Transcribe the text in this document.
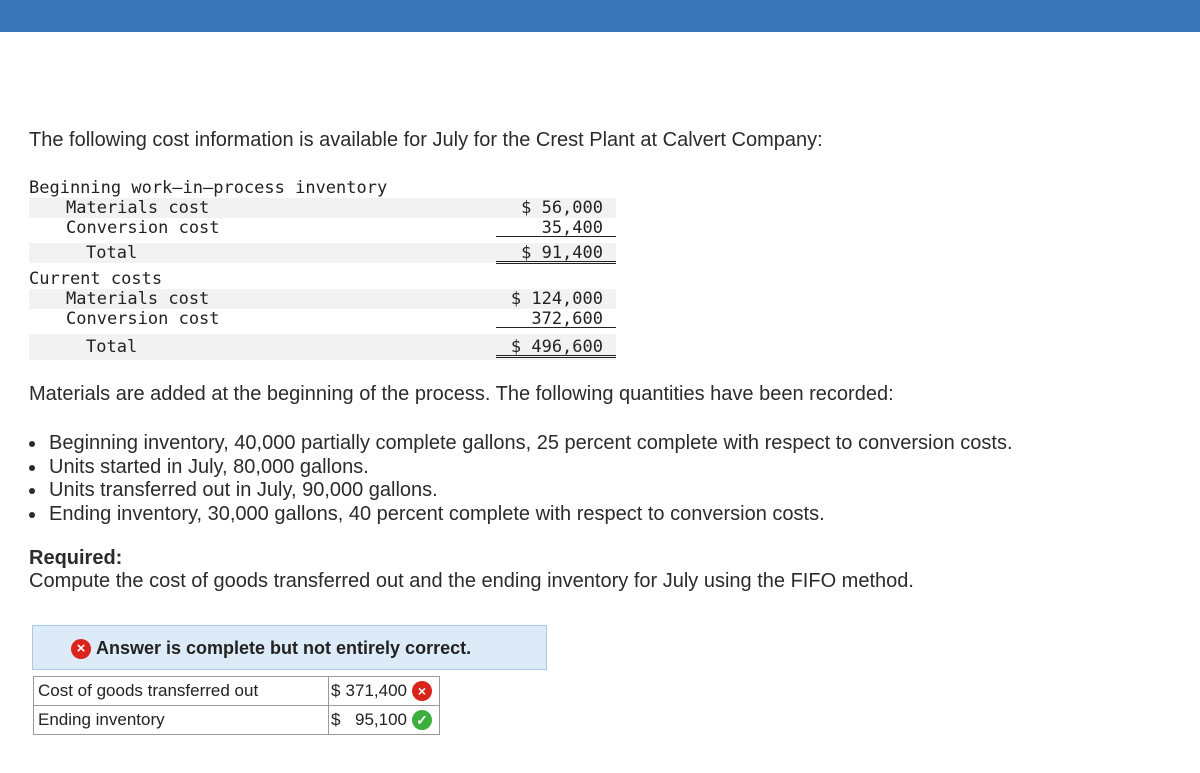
The following cost information is available for July for the Crest Plant at Calvert Company:
Beginning work–in–process inventory
Materials cost	$ 56,000
Conversion cost	35,400
Total	$ 91,400
Current costs
Materials cost	$ 124,000
Conversion cost	372,600
Total	$ 496,600
Materials are added at the beginning of the process. The following quantities have been recorded:
Beginning inventory, 40,000 partially complete gallons, 25 percent complete with respect to conversion costs.
Units started in July, 80,000 gallons.
Units transferred out in July, 90,000 gallons.
Ending inventory, 30,000 gallons, 40 percent complete with respect to conversion costs.
Required:
Compute the cost of goods transferred out and the ending inventory for July using the FIFO method.
× Answer is complete but not entirely correct.
Cost of goods transferred out	$ 371,400 ×

Ending inventory	$ 95,100 ✓
